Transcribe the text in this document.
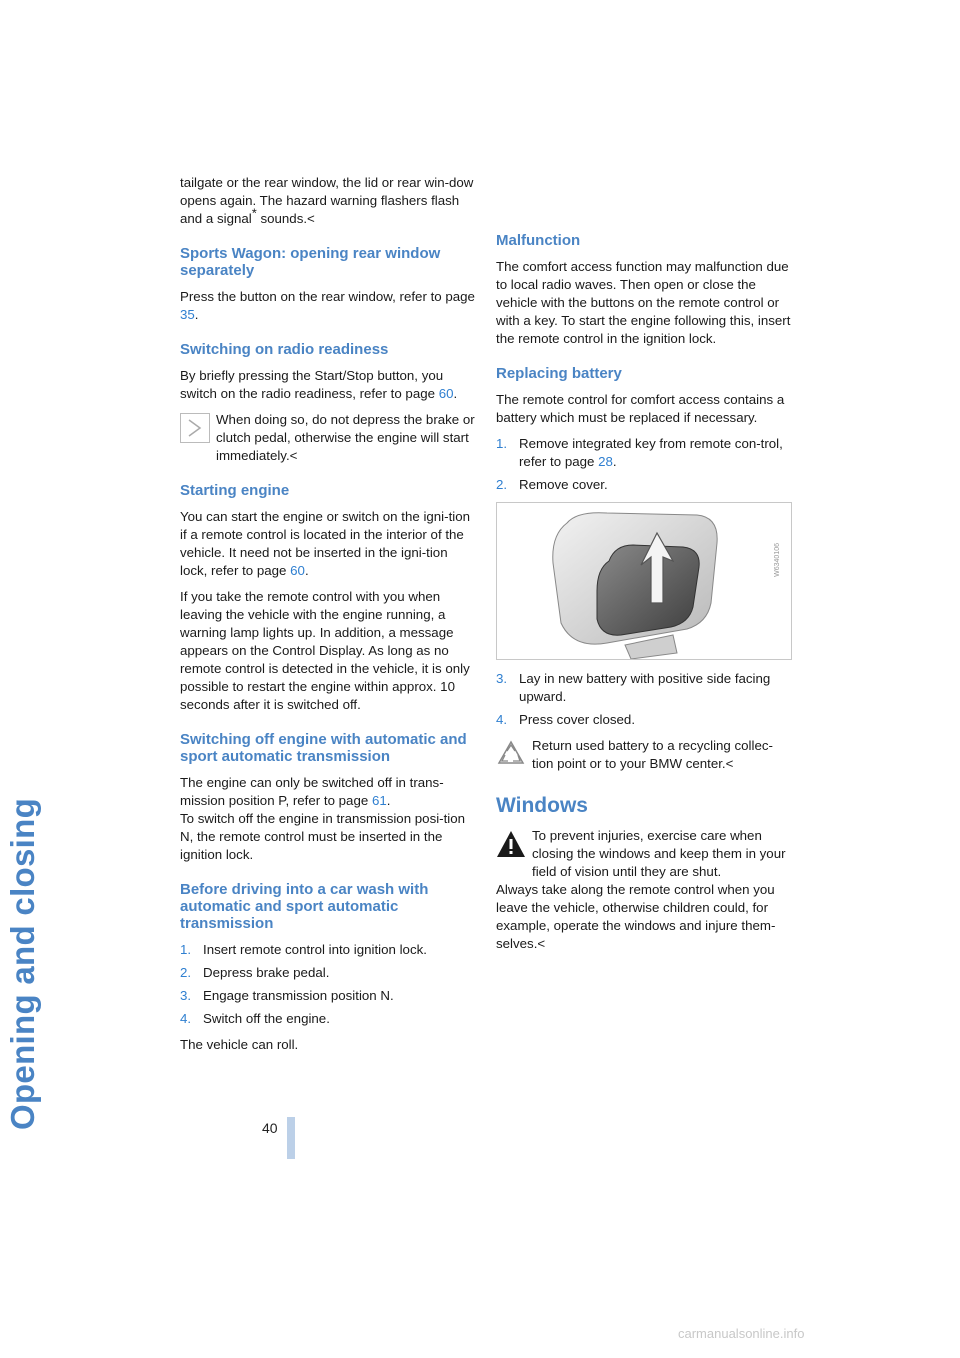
Opening and closing

tailgate or the rear window, the lid or rear win-dow opens again. The hazard warning flashers flash and a signal* sounds.<

Sports Wagon: opening rear window separately

Press the button on the rear window, refer to page 35.

Switching on radio readiness

By briefly pressing the Start/Stop button, you switch on the radio readiness, refer to page 60.

When doing so, do not depress the brake or clutch pedal, otherwise the engine will start immediately.<

Starting engine

You can start the engine or switch on the igni-tion if a remote control is located in the interior of the vehicle. It need not be inserted in the igni-tion lock, refer to page 60.

If you take the remote control with you when leaving the vehicle with the engine running, a warning lamp lights up. In addition, a message appears on the Control Display. As long as no remote control is detected in the vehicle, it is only possible to restart the engine within approx. 10 seconds after it is switched off.

Switching off engine with automatic and sport automatic transmission

The engine can only be switched off in trans-mission position P, refer to page 61.

To switch off the engine in transmission posi-tion N, the remote control must be inserted in the ignition lock.

Before driving into a car wash with automatic and sport automatic transmission
1. Insert remote control into ignition lock.
2. Depress brake pedal.
3. Engage transmission position N.
4. Switch off the engine.

The vehicle can roll.

Malfunction

The comfort access function may malfunction due to local radio waves. Then open or close the vehicle with the buttons on the remote control or with a key. To start the engine following this, insert the remote control in the ignition lock.

Replacing battery

The remote control for comfort access contains a battery which must be replaced if necessary.

1. Remove integrated key from remote con-trol, refer to page 28.
2. Remove cover.
W6340106
3. Lay in new battery with positive side facing upward.
4. Press cover closed.

Return used battery to a recycling collec-tion point or to your BMW center.<

Windows

To prevent injuries, exercise care when closing the windows and keep them in your field of vision until they are shut.

Always take along the remote control when you leave the vehicle, otherwise children could, for example, operate the windows and injure them-selves.<

40
carmanualsonline.info
